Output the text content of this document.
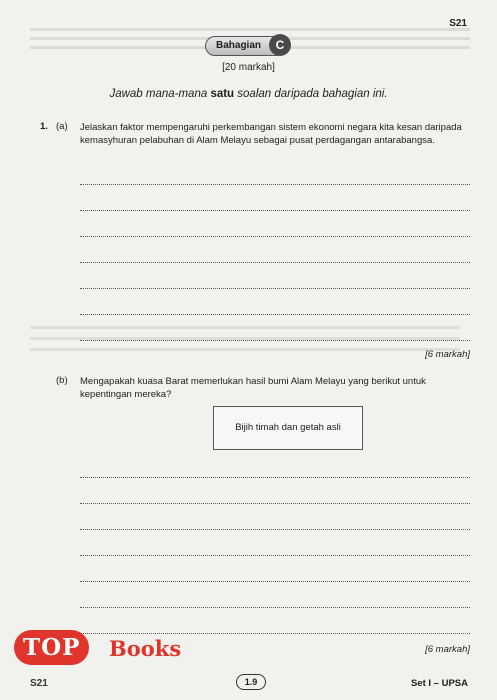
S21
Bahagian	C
[20 markah]
Jawab mana-mana satu soalan daripada bahagian ini.
1. (a) Jelaskan faktor mempengaruhi perkembangan sistem ekonomi negara kita kesan daripada kemasyhuran pelabuhan di Alam Melayu sebagai pusat perdagangan antarabangsa.
[6 markah]
(b) Mengapakah kuasa Barat memerlukan hasil bumi Alam Melayu yang berikut untuk kepentingan mereka?
Bijih timah dan getah asli
[6 markah]
TOP Books
S21	1.9	Set I – UPSA
